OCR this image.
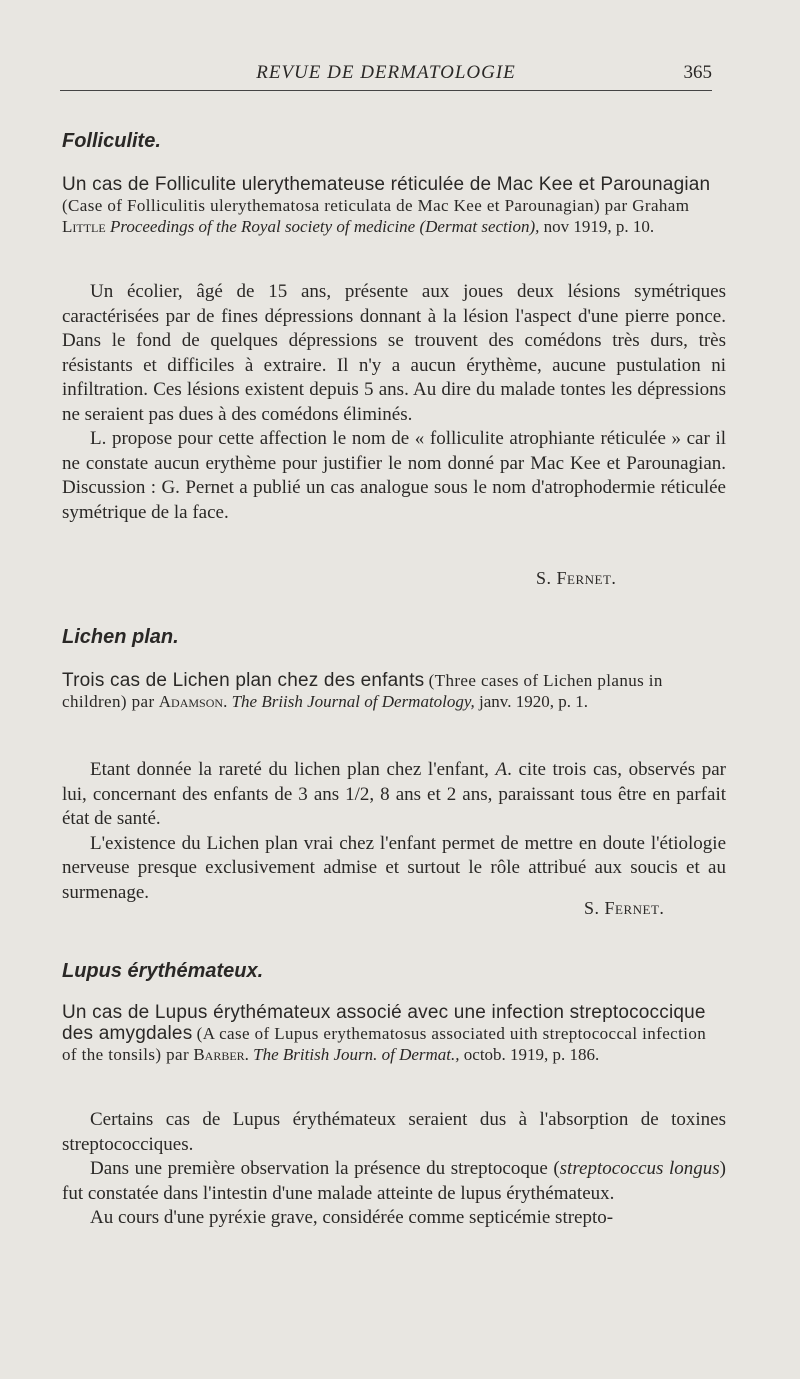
REVUE DE DERMATOLOGIE	365
Folliculite.
Un cas de Folliculite ulerythemateuse réticulée de Mac Kee et Parounagian (Case of Folliculitis ulerythematosa reticulata de Mac Kee et Parounagian) par Graham Little Proceedings of the Royal society of medicine (Dermat section), nov 1919, p. 10.

Un écolier, âgé de 15 ans, présente aux joues deux lésions symétriques caractérisées par de fines dépressions donnant à la lésion l'aspect d'une pierre ponce. Dans le fond de quelques dépressions se trouvent des comédons très durs, très résistants et difficiles à extraire. Il n'y a aucun érythème, aucune pustulation ni infiltration. Ces lésions existent depuis 5 ans. Au dire du malade tontes les dépressions ne seraient pas dues à des comédons éliminés.

L. propose pour cette affection le nom de « folliculite atrophiante réticulée » car il ne constate aucun erythème pour justifier le nom donné par Mac Kee et Parounagian. Discussion : G. Pernet a publié un cas analogue sous le nom d'atrophodermie réticulée symétrique de la face.

S. Fernet.
Lichen plan.
Trois cas de Lichen plan chez des enfants (Three cases of Lichen planus in children) par Adamson. The Briish Journal of Dermatology, janv. 1920, p. 1.

Etant donnée la rareté du lichen plan chez l'enfant, A. cite trois cas, observés par lui, concernant des enfants de 3 ans 1/2, 8 ans et 2 ans, paraissant tous être en parfait état de santé.

L'existence du Lichen plan vrai chez l'enfant permet de mettre en doute l'étiologie nerveuse presque exclusivement admise et surtout le rôle attribué aux soucis et au surmenage.

S. Fernet.
Lupus érythémateux.
Un cas de Lupus érythémateux associé avec une infection streptococcique des amygdales (A case of Lupus erythematosus associated uith streptococcal infection of the tonsils) par Barber. The British Journ. of Dermat., octob. 1919, p. 186.

Certains cas de Lupus érythémateux seraient dus à l'absorption de toxines streptococciques.

Dans une première observation la présence du streptocoque (streptococcus longus) fut constatée dans l'intestin d'une malade atteinte de lupus érythémateux.

Au cours d'une pyréxie grave, considérée comme septicémie strepto-
